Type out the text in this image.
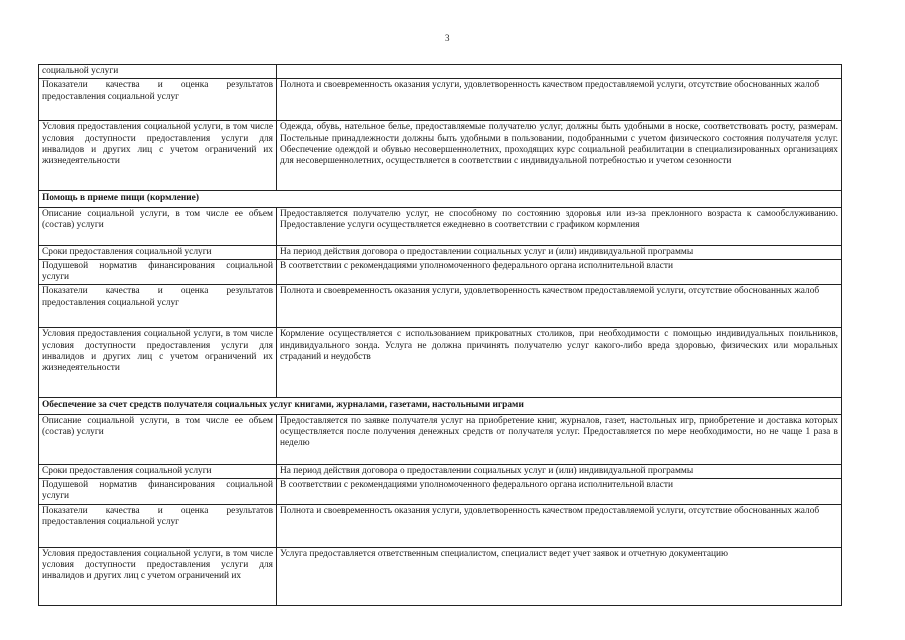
3
социальной услуги	
Показатели качества и оценка результатов предоставления социальной услуг	Полнота и своевременность оказания услуги, удовлетворенность качеством предоставляемой услуги, отсутствие обоснованных жалоб
Условия предоставления социальной услуги, в том числе условия доступности предоставления услуги для инвалидов и других лиц с учетом ограничений их жизнедеятельности	Одежда, обувь, нательное белье, предоставляемые получателю услуг, должны быть удобными в носке, соответствовать росту, размерам. Постельные принадлежности должны быть удобными в пользовании, подобранными с учетом физического состояния получателя услуг. Обеспечение одеждой и обувью несовершеннолетних, проходящих курс социальной реабилитации в специализированных организациях для несовершеннолетних, осуществляется в соответствии с индивидуальной потребностью и учетом сезонности
Помощь в приеме пищи (кормление)	
Описание социальной услуги, в том числе ее объем (состав) услуги	Предоставляется получателю услуг, не способному по состоянию здоровья или из-за преклонного возраста к самообслуживанию. Предоставление услуги осуществляется ежедневно в соответствии с графиком кормления
Сроки предоставления социальной услуги	На период действия договора о предоставлении социальных услуг и (или) индивидуальной программы
Подушевой норматив финансирования социальной услуги	В соответствии с рекомендациями уполномоченного федерального органа исполнительной власти
Показатели качества и оценка результатов предоставления социальной услуг	Полнота и своевременность оказания услуги, удовлетворенность качеством предоставляемой услуги, отсутствие обоснованных жалоб
Условия предоставления социальной услуги, в том числе условия доступности предоставления услуги для инвалидов и других лиц с учетом ограничений их жизнедеятельности	Кормление осуществляется с использованием прикроватных столиков, при необходимости с помощью индивидуальных поильников, индивидуального зонда. Услуга не должна причинять получателю услуг какого-либо вреда здоровью, физических или моральных страданий и неудобств
Обеспечение за счет средств получателя социальных услуг книгами, журналами, газетами, настольными играми	
Описание социальной услуги, в том числе ее объем (состав) услуги	Предоставляется по заявке получателя услуг на приобретение книг, журналов, газет, настольных игр, приобретение и доставка которых осуществляется после получения денежных средств от получателя услуг. Предоставляется по мере необходимости, но не чаще 1 раза в неделю
Сроки предоставления социальной услуги	На период действия договора о предоставлении социальных услуг и (или) индивидуальной программы
Подушевой норматив финансирования социальной услуги	В соответствии с рекомендациями уполномоченного федерального органа исполнительной власти
Показатели качества и оценка результатов предоставления социальной услуг	Полнота и своевременность оказания услуги, удовлетворенность качеством предоставляемой услуги, отсутствие обоснованных жалоб
Условия предоставления социальной услуги, в том числе условия доступности предоставления услуги для инвалидов и других лиц с учетом ограничений их	Услуга предоставляется ответственным специалистом, специалист ведет учет заявок и отчетную документацию
